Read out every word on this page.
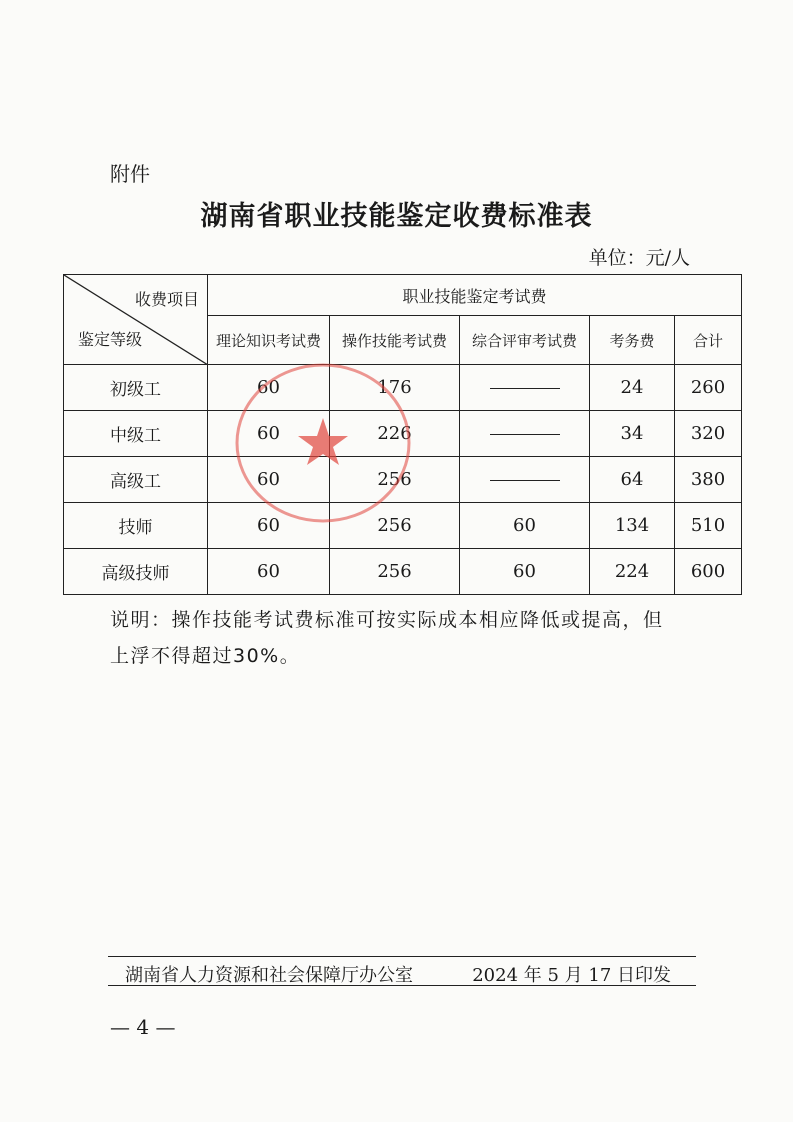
附件
湖南省职业技能鉴定收费标准表
单位：元/人
收费项目
鉴定等级	职业技能鉴定考试费				
	理论知识考试费	操作技能考试费	综合评审考试费	考务费	合计
初级工	60	176		24	260
中级工	60	226		34	320
高级工	60	256		64	380
技师	60	256	60	134	510
高级技师	60	256	60	224	600
说明：操作技能考试费标准可按实际成本相应降低或提高，但
上浮不得超过30%。
湖南省人力资源和社会保障厅办公室	2024 年 5 月 17 日印发
— 4 —
